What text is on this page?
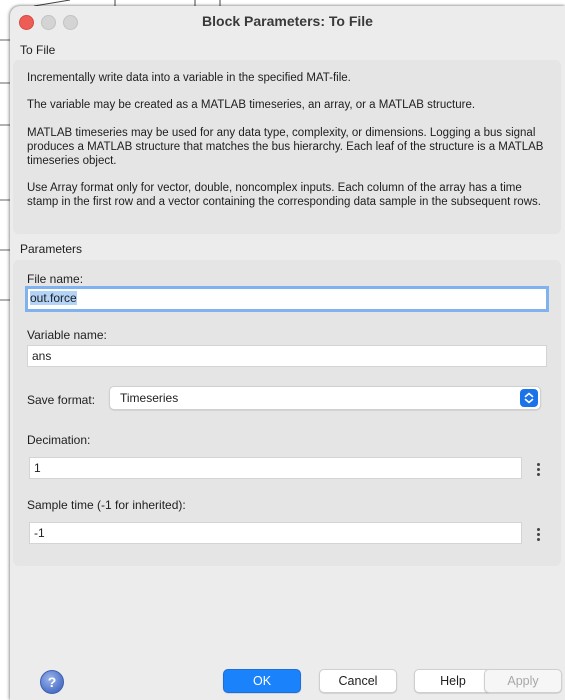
Block Parameters: To File
To File
Incrementally write data into a variable in the specified MAT-file.
The variable may be created as a MATLAB timeseries, an array, or a MATLAB structure.
MATLAB timeseries may be used for any data type, complexity, or dimensions. Logging a bus signal produces a MATLAB structure that matches the bus hierarchy. Each leaf of the structure is a MATLAB timeseries object.
Use Array format only for vector, double, noncomplex inputs. Each column of the array has a time stamp in the first row and a vector containing the corresponding data sample in the subsequent rows.
Parameters
File name:
out.force
Variable name:
ans
Save format: Timeseries
Decimation:
1
Sample time (-1 for inherited):
-1
?	OK	Cancel	Help	Apply
